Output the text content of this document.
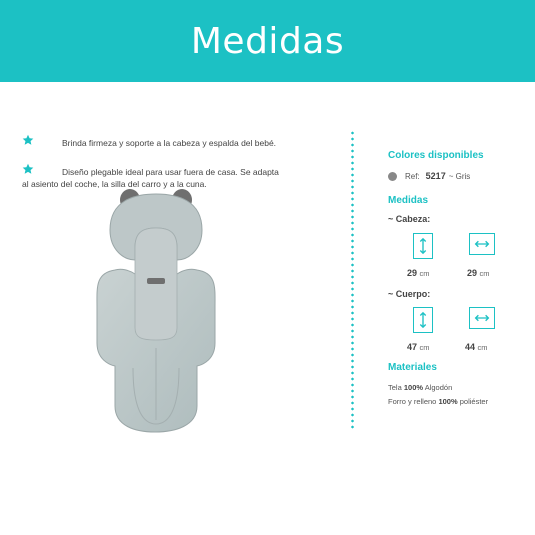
Medidas
Brinda firmeza y soporte a la cabeza y espalda del bebé.
Diseño plegable ideal para usar fuera de casa. Se adapta
al asiento del coche, la silla del carro y a la cuna.
Colores disponibles
Ref: 5217 ~ Gris
Medidas
~ Cabeza:
29 cm	29 cm
~ Cuerpo:
47 cm	44 cm
Materiales
Tela 100% Algodón
Forro y relleno 100% poliéster
